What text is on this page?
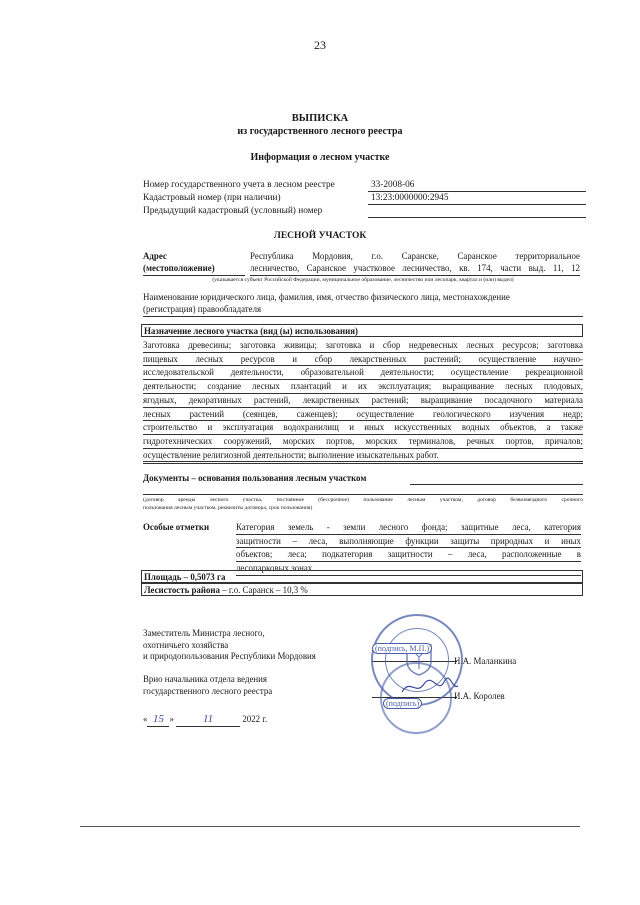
23
ВЫПИСКА
из государственного лесного реестра
Информация о лесном участке
Номер государственного учета в лесном реестре	33-2008-06
Кадастровый номер (при наличии)	13:23:0000000:2945
Предыдущий кадастровый (условный) номер
ЛЕСНОЙ УЧАСТОК
Адрес
(местоположение)
Республика Мордовия, г.о. Саранске, Саранское территориальное
лесничество, Саранское участковое лесничество, кв. 174, части выд. 11, 12
(указывается субъект Российской Федерации, муниципальное образование, лесничество или лесопарк, квартал и (или) выдел)
Наименование юридического лица, фамилия, имя, отчество физического лица, местонахождение
(регистрация) правообладателя
Назначение лесного участка (вид (ы) использования)
Заготовка древесины; заготовка живицы; заготовка и сбор недревесных лесных ресурсов; заготовка
пищевых лесных ресурсов и сбор лекарственных растений; осуществление научно-
исследовательской деятельности, образовательной деятельности; осуществление рекреационной
деятельности; создание лесных плантаций и их эксплуатация; выращивание лесных плодовых,
ягодных, декоративных растений, лекарственных растений; выращивание посадочного материала
лесных растений (сеянцев, саженцев); осуществление геологического изучения недр;
строительство и эксплуатация водохранилищ и иных искусственных водных объектов, а также
гидротехнических сооружений, морских портов, морских терминалов, речных портов, причалов;
осуществление религиозной деятельности; выполнение изыскательных работ.
Документы – основания пользования лесным участком
(договор аренды лесного участка, постоянное (бессрочное) пользование лесным участком, договор безвозмездного срочного
пользования лесным участком, реквизиты договора, срок пользования)
Особые отметки	Категория земель - земли лесного фонда; защитные леса, категория
защитности – леса, выполняющие функции защиты природных и иных
объектов; леса; подкатегория защитности – леса, расположенные в
лесопарковых зонах
Площадь – 0,5073 га
Лесистость района – г.о. Саранск – 10,3 %
Заместитель Министра лесного,
охотничьего хозяйства
и природопользования Республики Мордовия	Н.А. Маланкина
Врио начальника отдела ведения
государственного лесного реестра
И.А. Королев
(подпись, М.П.)
(подпись)
« 15 »	11	2022 г.
